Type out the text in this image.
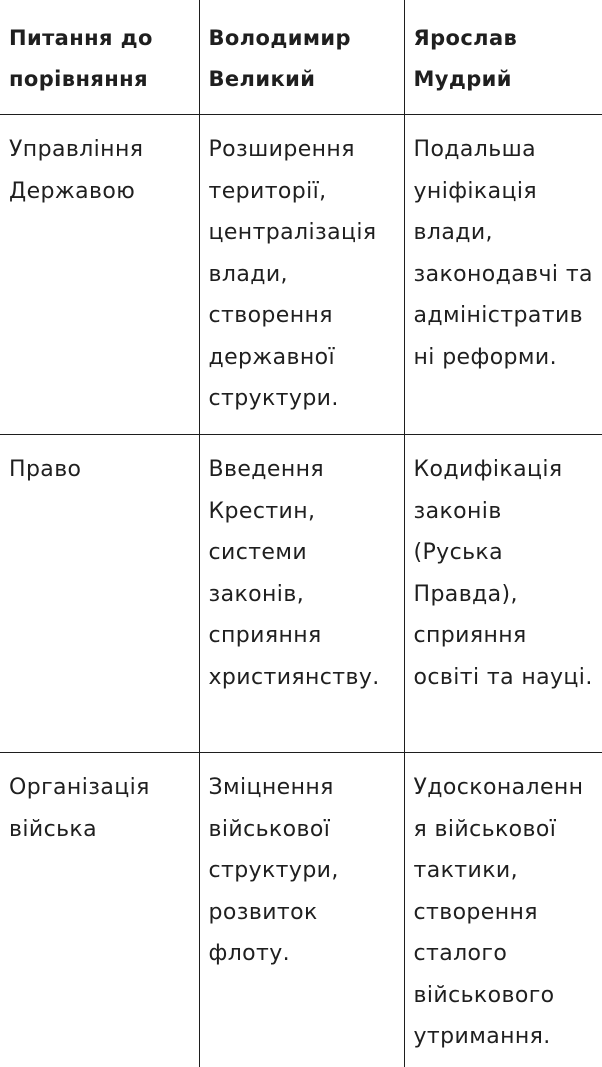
Питання до порівняння	Володимир Великий	Ярослав Мудрий

Управління Державою	Розширення території, централізація влади, створення державної структури.	Подальша уніфікація влади, законодавчі та адміністратив ні реформи.

Право	Введення Крестин, системи законів, сприяння християнству.	Кодифікація законів (Руська Правда), сприяння освіті та науці.

Організація війська	Зміцнення військової структури, розвиток флоту.	Удосконаленн я військової тактики, створення сталого військового утримання.
